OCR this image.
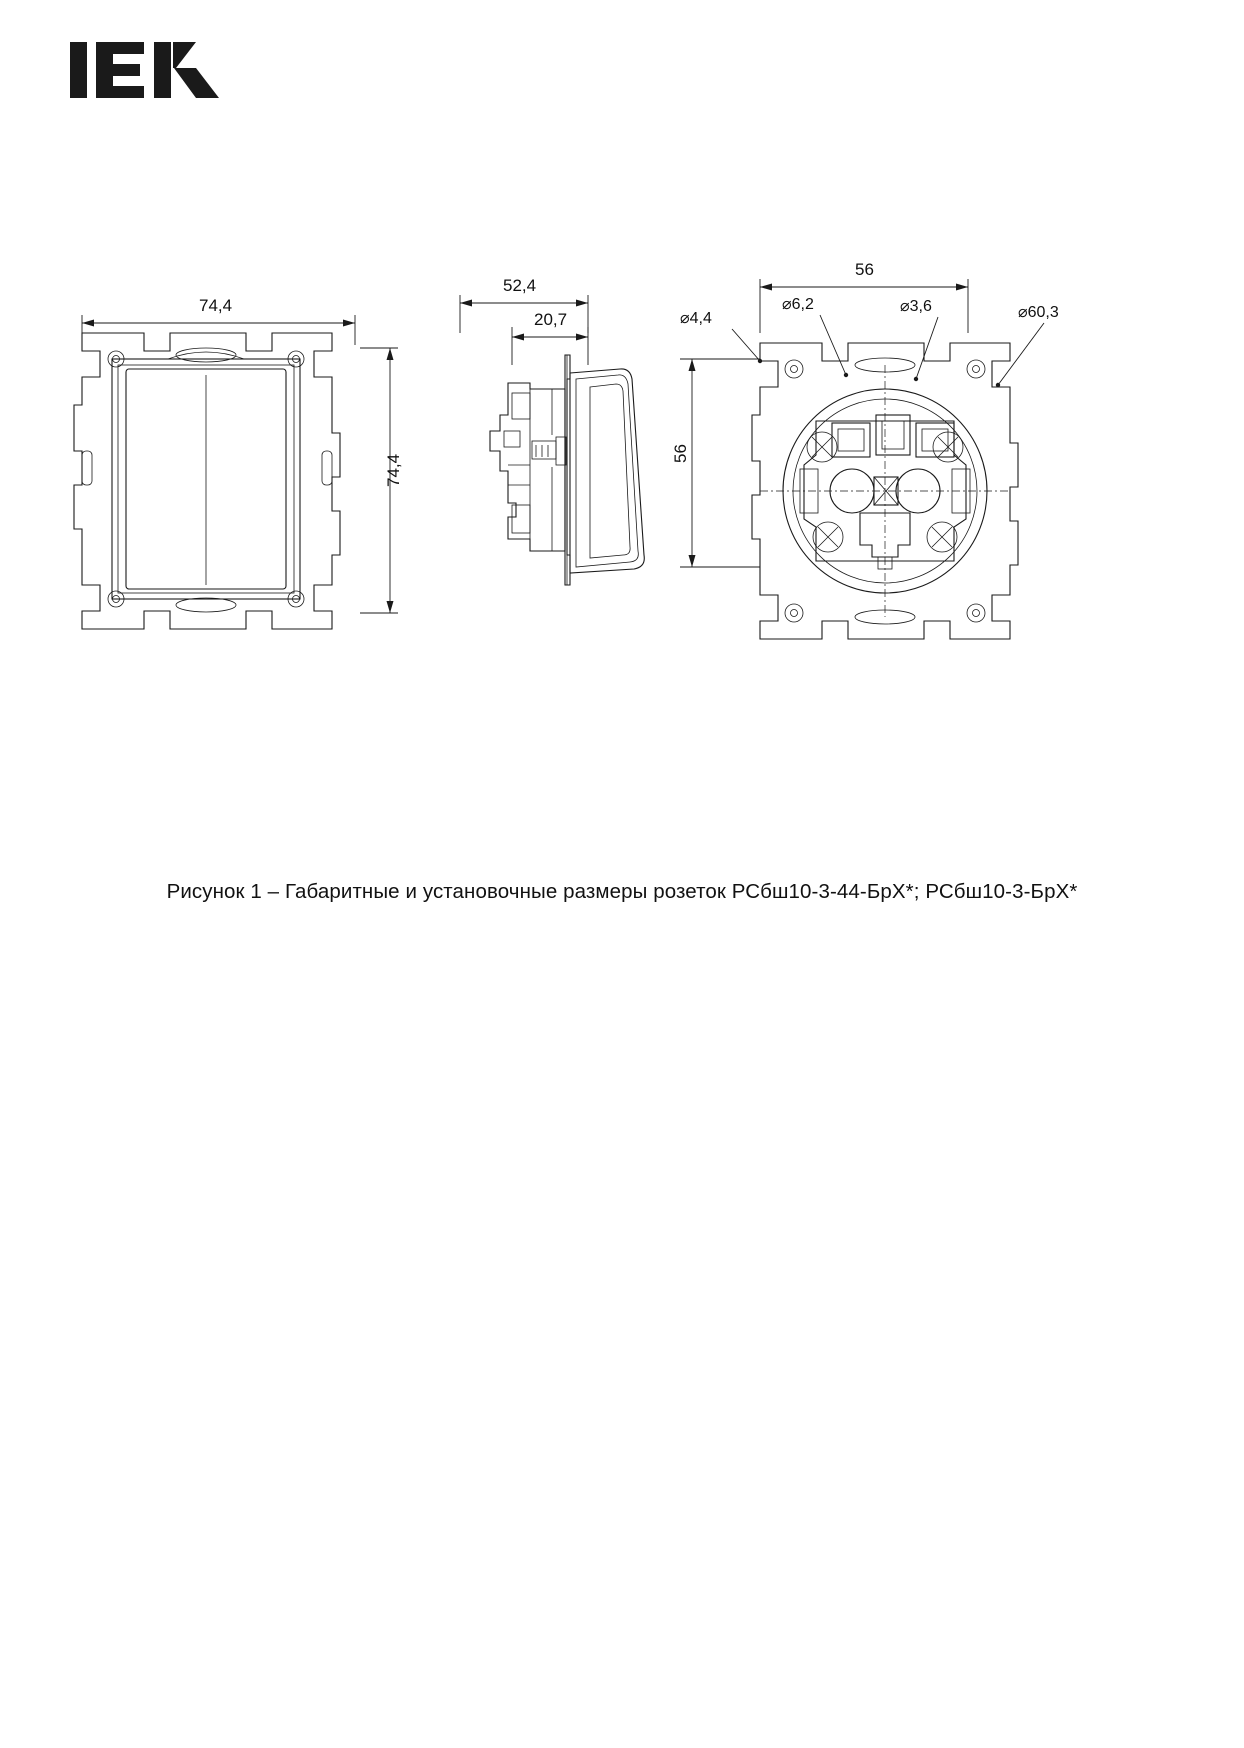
74,4
74,4
52,4
20,7
56
56
⌀4,4
⌀6,2	⌀3,6	⌀60,3
Рисунок 1 – Габаритные и установочные размеры розеток РСбш10-3-44-БрХ*; РСбш10-3-БрХ*
